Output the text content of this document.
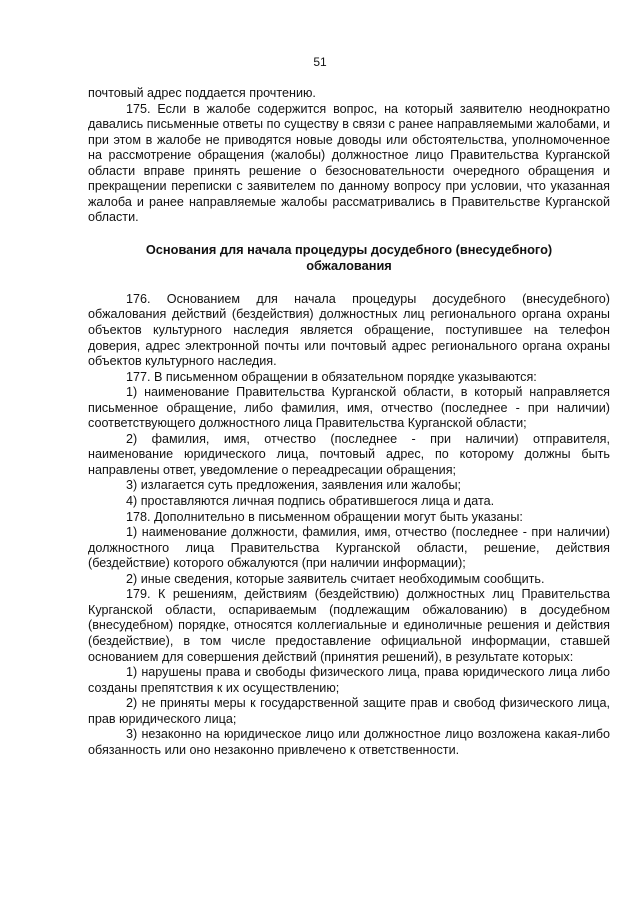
51

почтовый адрес поддается прочтению.

175. Если в жалобе содержится вопрос, на который заявителю неоднократно давались письменные ответы по существу в связи с ранее направляемыми жалобами, и при этом в жалобе не приводятся новые доводы или обстоятельства, уполномоченное на рассмотрение обращения (жалобы) должностное лицо Правительства Курганской области вправе принять решение о безосновательности очередного обращения и прекращении переписки с заявителем по данному вопросу при условии, что указанная жалоба и ранее направляемые жалобы рассматривались в Правительстве Курганской области.

Основания для начала процедуры досудебного (внесудебного)
обжалования

176. Основанием для начала процедуры досудебного (внесудебного) обжалования действий (бездействия) должностных лиц регионального органа охраны объектов культурного наследия является обращение, поступившее на телефон доверия, адрес электронной почты или почтовый адрес регионального органа охраны объектов культурного наследия.

177. В письменном обращении в обязательном порядке указываются:

1) наименование Правительства Курганской области, в который направляется письменное обращение, либо фамилия, имя, отчество (последнее - при наличии) соответствующего должностного лица Правительства Курганской области;

2) фамилия, имя, отчество (последнее - при наличии) отправителя, наименование юридического лица, почтовый адрес, по которому должны быть направлены ответ, уведомление о переадресации обращения;

3) излагается суть предложения, заявления или жалобы;

4) проставляются личная подпись обратившегося лица и дата.

178. Дополнительно в письменном обращении могут быть указаны:

1) наименование должности, фамилия, имя, отчество (последнее - при наличии) должностного лица Правительства Курганской области, решение, действия (бездействие) которого обжалуются (при наличии информации);

2) иные сведения, которые заявитель считает необходимым сообщить.

179. К решениям, действиям (бездействию) должностных лиц Правительства Курганской области, оспариваемым (подлежащим обжалованию) в досудебном (внесудебном) порядке, относятся коллегиальные и единоличные решения и действия (бездействие), в том числе предоставление официальной информации, ставшей основанием для совершения действий (принятия решений), в результате которых:

1) нарушены права и свободы физического лица, права юридического лица либо созданы препятствия к их осуществлению;

2) не приняты меры к государственной защите прав и свобод физического лица, прав юридического лица;

3) незаконно на юридическое лицо или должностное лицо возложена какая-либо обязанность или оно незаконно привлечено к ответственности.
